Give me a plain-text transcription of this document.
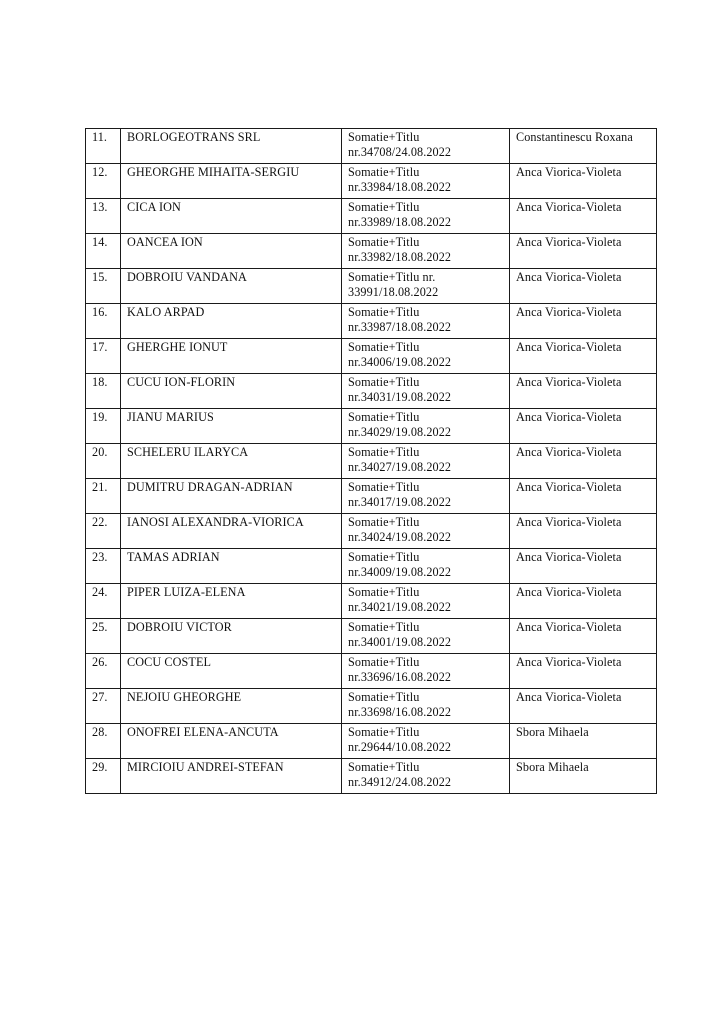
11.	BORLOGEOTRANS SRL	Somatie+Titlu nr.34708/24.08.2022	Constantinescu Roxana
12.	GHEORGHE MIHAITA-SERGIU	Somatie+Titlu nr.33984/18.08.2022	Anca Viorica-Violeta
13.	CICA ION	Somatie+Titlu nr.33989/18.08.2022	Anca Viorica-Violeta
14.	OANCEA ION	Somatie+Titlu nr.33982/18.08.2022	Anca Viorica-Violeta
15.	DOBROIU VANDANA	Somatie+Titlu nr. 33991/18.08.2022	Anca Viorica-Violeta
16.	KALO ARPAD	Somatie+Titlu nr.33987/18.08.2022	Anca Viorica-Violeta
17.	GHERGHE IONUT	Somatie+Titlu nr.34006/19.08.2022	Anca Viorica-Violeta
18.	CUCU ION-FLORIN	Somatie+Titlu nr.34031/19.08.2022	Anca Viorica-Violeta
19.	JIANU MARIUS	Somatie+Titlu nr.34029/19.08.2022	Anca Viorica-Violeta
20.	SCHELERU ILARYCA	Somatie+Titlu nr.34027/19.08.2022	Anca Viorica-Violeta
21.	DUMITRU DRAGAN-ADRIAN	Somatie+Titlu nr.34017/19.08.2022	Anca Viorica-Violeta
22.	IANOSI ALEXANDRA-VIORICA	Somatie+Titlu nr.34024/19.08.2022	Anca Viorica-Violeta
23.	TAMAS ADRIAN	Somatie+Titlu nr.34009/19.08.2022	Anca Viorica-Violeta
24.	PIPER LUIZA-ELENA	Somatie+Titlu nr.34021/19.08.2022	Anca Viorica-Violeta
25.	DOBROIU VICTOR	Somatie+Titlu nr.34001/19.08.2022	Anca Viorica-Violeta
26.	COCU COSTEL	Somatie+Titlu nr.33696/16.08.2022	Anca Viorica-Violeta
27.	NEJOIU GHEORGHE	Somatie+Titlu nr.33698/16.08.2022	Anca Viorica-Violeta
28.	ONOFREI ELENA-ANCUTA	Somatie+Titlu nr.29644/10.08.2022	Sbora Mihaela
29.	MIRCIOIU ANDREI-STEFAN	Somatie+Titlu nr.34912/24.08.2022	Sbora Mihaela
